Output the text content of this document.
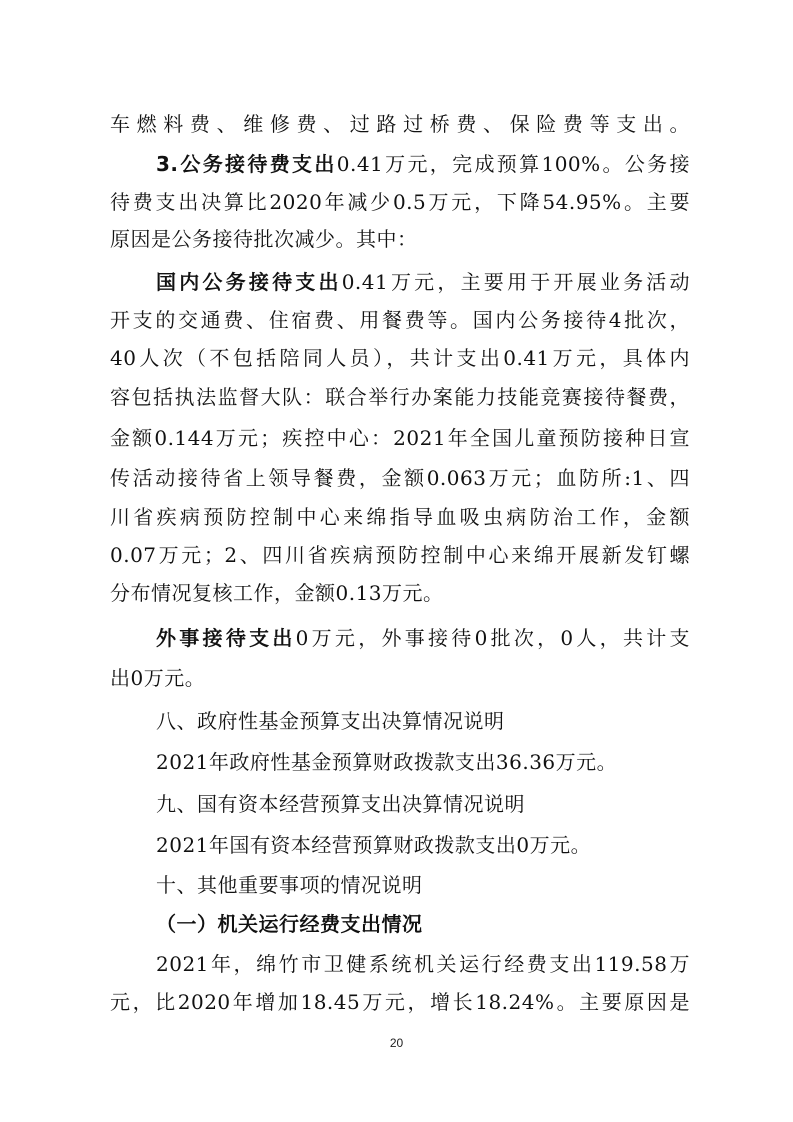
车燃料费、维修费、过路过桥费、保险费等支出。
3.公务接待费支出0.41万元，完成预算100%。公务接
待费支出决算比2020年减少0.5万元，下降54.95%。主要
原因是公务接待批次减少。其中：
国内公务接待支出0.41万元，主要用于开展业务活动
开支的交通费、住宿费、用餐费等。国内公务接待4批次，
40人次（不包括陪同人员），共计支出0.41万元，具体内
容包括执法监督大队：联合举行办案能力技能竞赛接待餐费，
金额0.144万元；疾控中心：2021年全国儿童预防接种日宣
传活动接待省上领导餐费，金额0.063万元；血防所:1、四
川省疾病预防控制中心来绵指导血吸虫病防治工作，金额
0.07万元；2、四川省疾病预防控制中心来绵开展新发钉螺
分布情况复核工作，金额0.13万元。
外事接待支出0万元，外事接待0批次，0人，共计支
出0万元。
八、政府性基金预算支出决算情况说明
2021年政府性基金预算财政拨款支出36.36万元。
九、国有资本经营预算支出决算情况说明
2021年国有资本经营预算财政拨款支出0万元。
十、其他重要事项的情况说明
（一）机关运行经费支出情况
2021年，绵竹市卫健系统机关运行经费支出119.58万
元，比2020年增加18.45万元，增长18.24%。主要原因是
20
